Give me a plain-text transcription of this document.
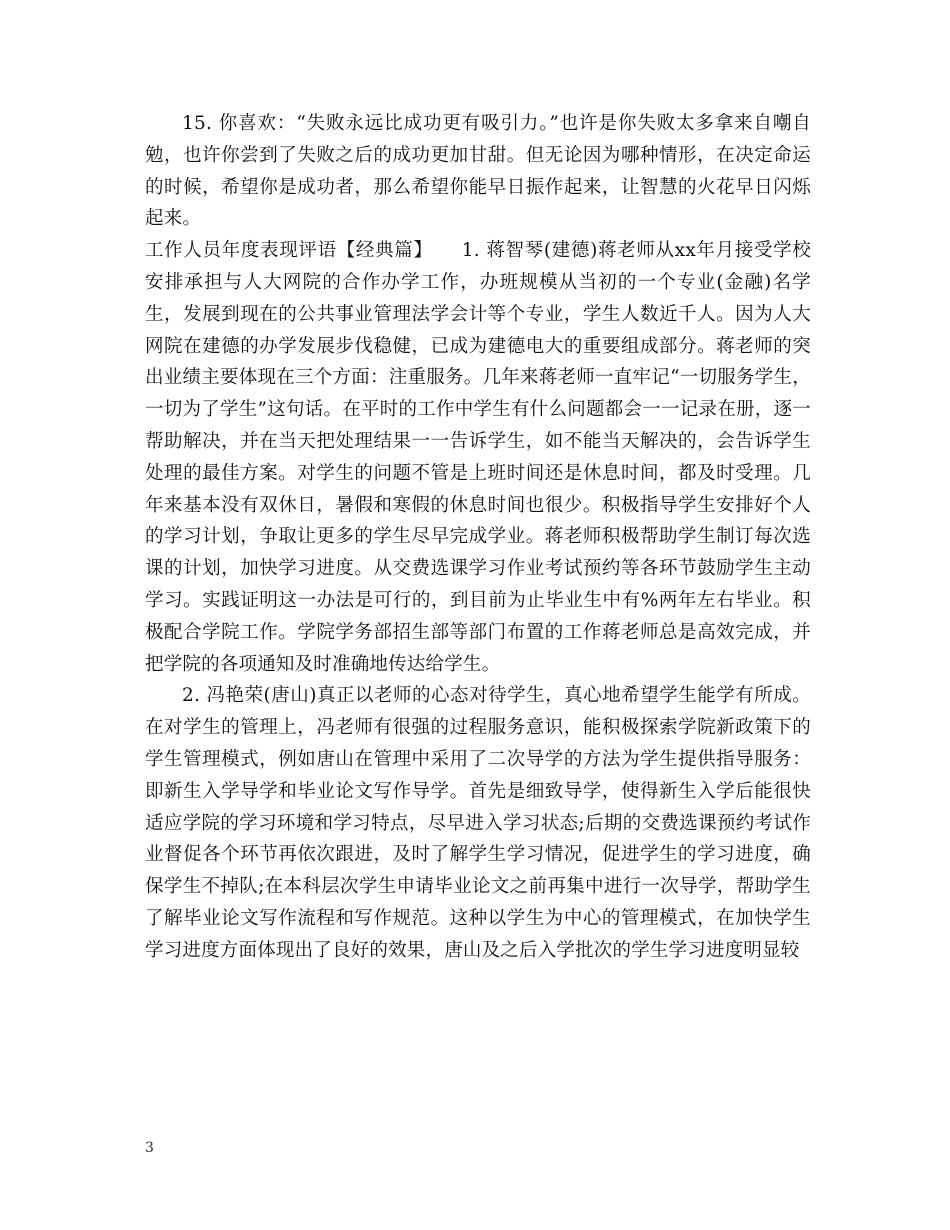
15. 你喜欢：“失败永远比成功更有吸引力。”也许是你失败太多拿来自嘲自勉，也许你尝到了失败之后的成功更加甘甜。但无论因为哪种情形，在决定命运的时候，希望你是成功者，那么希望你能早日振作起来，让智慧的火花早日闪烁起来。

工作人员年度表现评语【经典篇】　　1. 蒋智琴(建德)蒋老师从xx年月接受学校安排承担与人大网院的合作办学工作，办班规模从当初的一个专业(金融)名学生，发展到现在的公共事业管理法学会计等个专业，学生人数近千人。因为人大网院在建德的办学发展步伐稳健，已成为建德电大的重要组成部分。蒋老师的突出业绩主要体现在三个方面：注重服务。几年来蒋老师一直牢记“一切服务学生，一切为了学生”这句话。在平时的工作中学生有什么问题都会一一记录在册，逐一帮助解决，并在当天把处理结果一一告诉学生，如不能当天解决的，会告诉学生处理的最佳方案。对学生的问题不管是上班时间还是休息时间，都及时受理。几年来基本没有双休日，暑假和寒假的休息时间也很少。积极指导学生安排好个人的学习计划，争取让更多的学生尽早完成学业。蒋老师积极帮助学生制订每次选课的计划，加快学习进度。从交费选课学习作业考试预约等各环节鼓励学生主动学习。实践证明这一办法是可行的，到目前为止毕业生中有%两年左右毕业。积极配合学院工作。学院学务部招生部等部门布置的工作蒋老师总是高效完成，并把学院的各项通知及时准确地传达给学生。

2. 冯艳荣(唐山)真正以老师的心态对待学生，真心地希望学生能学有所成。在对学生的管理上，冯老师有很强的过程服务意识，能积极探索学院新政策下的学生管理模式，例如唐山在管理中采用了二次导学的方法为学生提供指导服务：即新生入学导学和毕业论文写作导学。首先是细致导学，使得新生入学后能很快适应学院的学习环境和学习特点，尽早进入学习状态;后期的交费选课预约考试作业督促各个环节再依次跟进，及时了解学生学习情况，促进学生的学习进度，确保学生不掉队;在本科层次学生申请毕业论文之前再集中进行一次导学，帮助学生了解毕业论文写作流程和写作规范。这种以学生为中心的管理模式，在加快学生学习进度方面体现出了良好的效果，唐山及之后入学批次的学生学习进度明显较

3
